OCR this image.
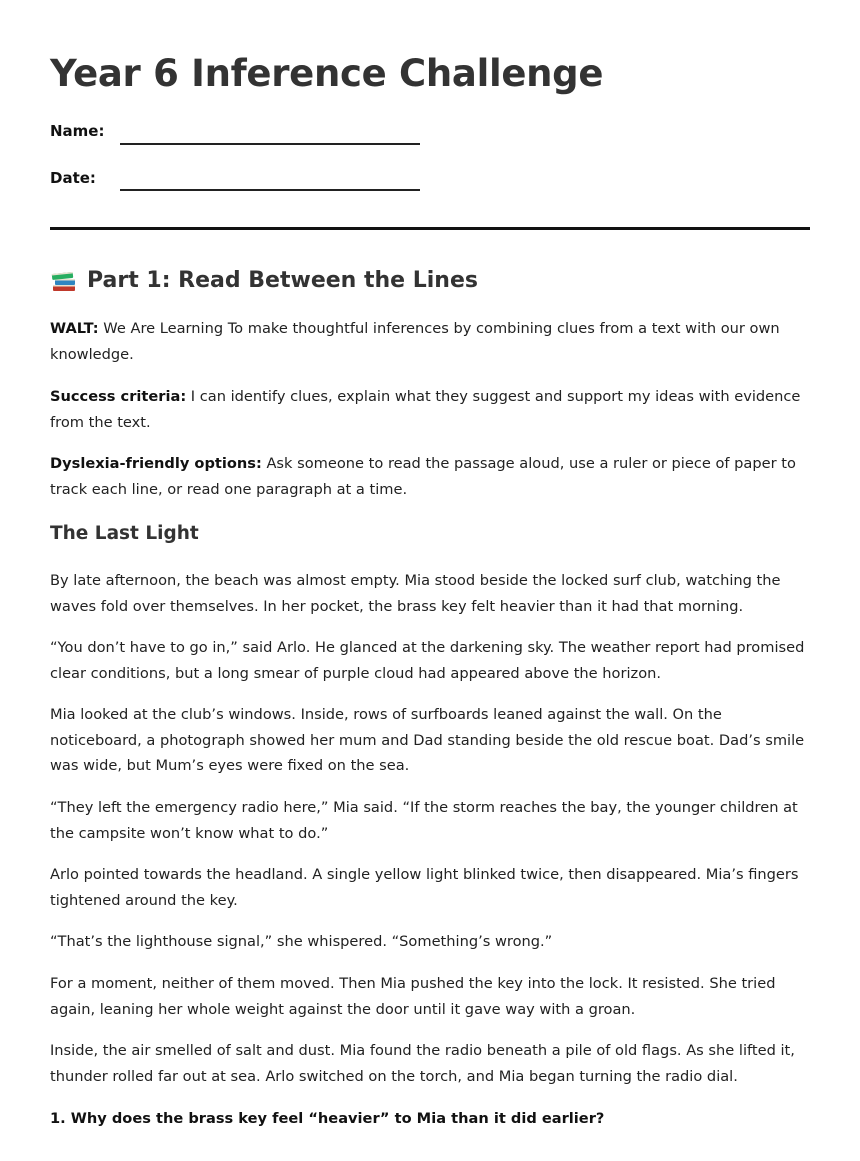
Year 6 Inference Challenge
Name:
Date:
Part 1: Read Between the Lines

WALT: We Are Learning To make thoughtful inferences by combining clues from a text with our own knowledge.

Success criteria: I can identify clues, explain what they suggest and support my ideas with evidence from the text.

Dyslexia-friendly options: Ask someone to read the passage aloud, use a ruler or piece of paper to track each line, or read one paragraph at a time.

The Last Light

By late afternoon, the beach was almost empty. Mia stood beside the locked surf club, watching the waves fold over themselves. In her pocket, the brass key felt heavier than it had that morning.

“You don’t have to go in,” said Arlo. He glanced at the darkening sky. The weather report had promised clear conditions, but a long smear of purple cloud had appeared above the horizon.

Mia looked at the club’s windows. Inside, rows of surfboards leaned against the wall. On the noticeboard, a photograph showed her mum and Dad standing beside the old rescue boat. Dad’s smile was wide, but Mum’s eyes were fixed on the sea.

“They left the emergency radio here,” Mia said. “If the storm reaches the bay, the younger children at the campsite won’t know what to do.”

Arlo pointed towards the headland. A single yellow light blinked twice, then disappeared. Mia’s fingers tightened around the key.

“That’s the lighthouse signal,” she whispered. “Something’s wrong.”

For a moment, neither of them moved. Then Mia pushed the key into the lock. It resisted. She tried again, leaning her whole weight against the door until it gave way with a groan.

Inside, the air smelled of salt and dust. Mia found the radio beneath a pile of old flags. As she lifted it, thunder rolled far out at sea. Arlo switched on the torch, and Mia began turning the radio dial.

1. Why does the brass key feel “heavier” to Mia than it did earlier?
